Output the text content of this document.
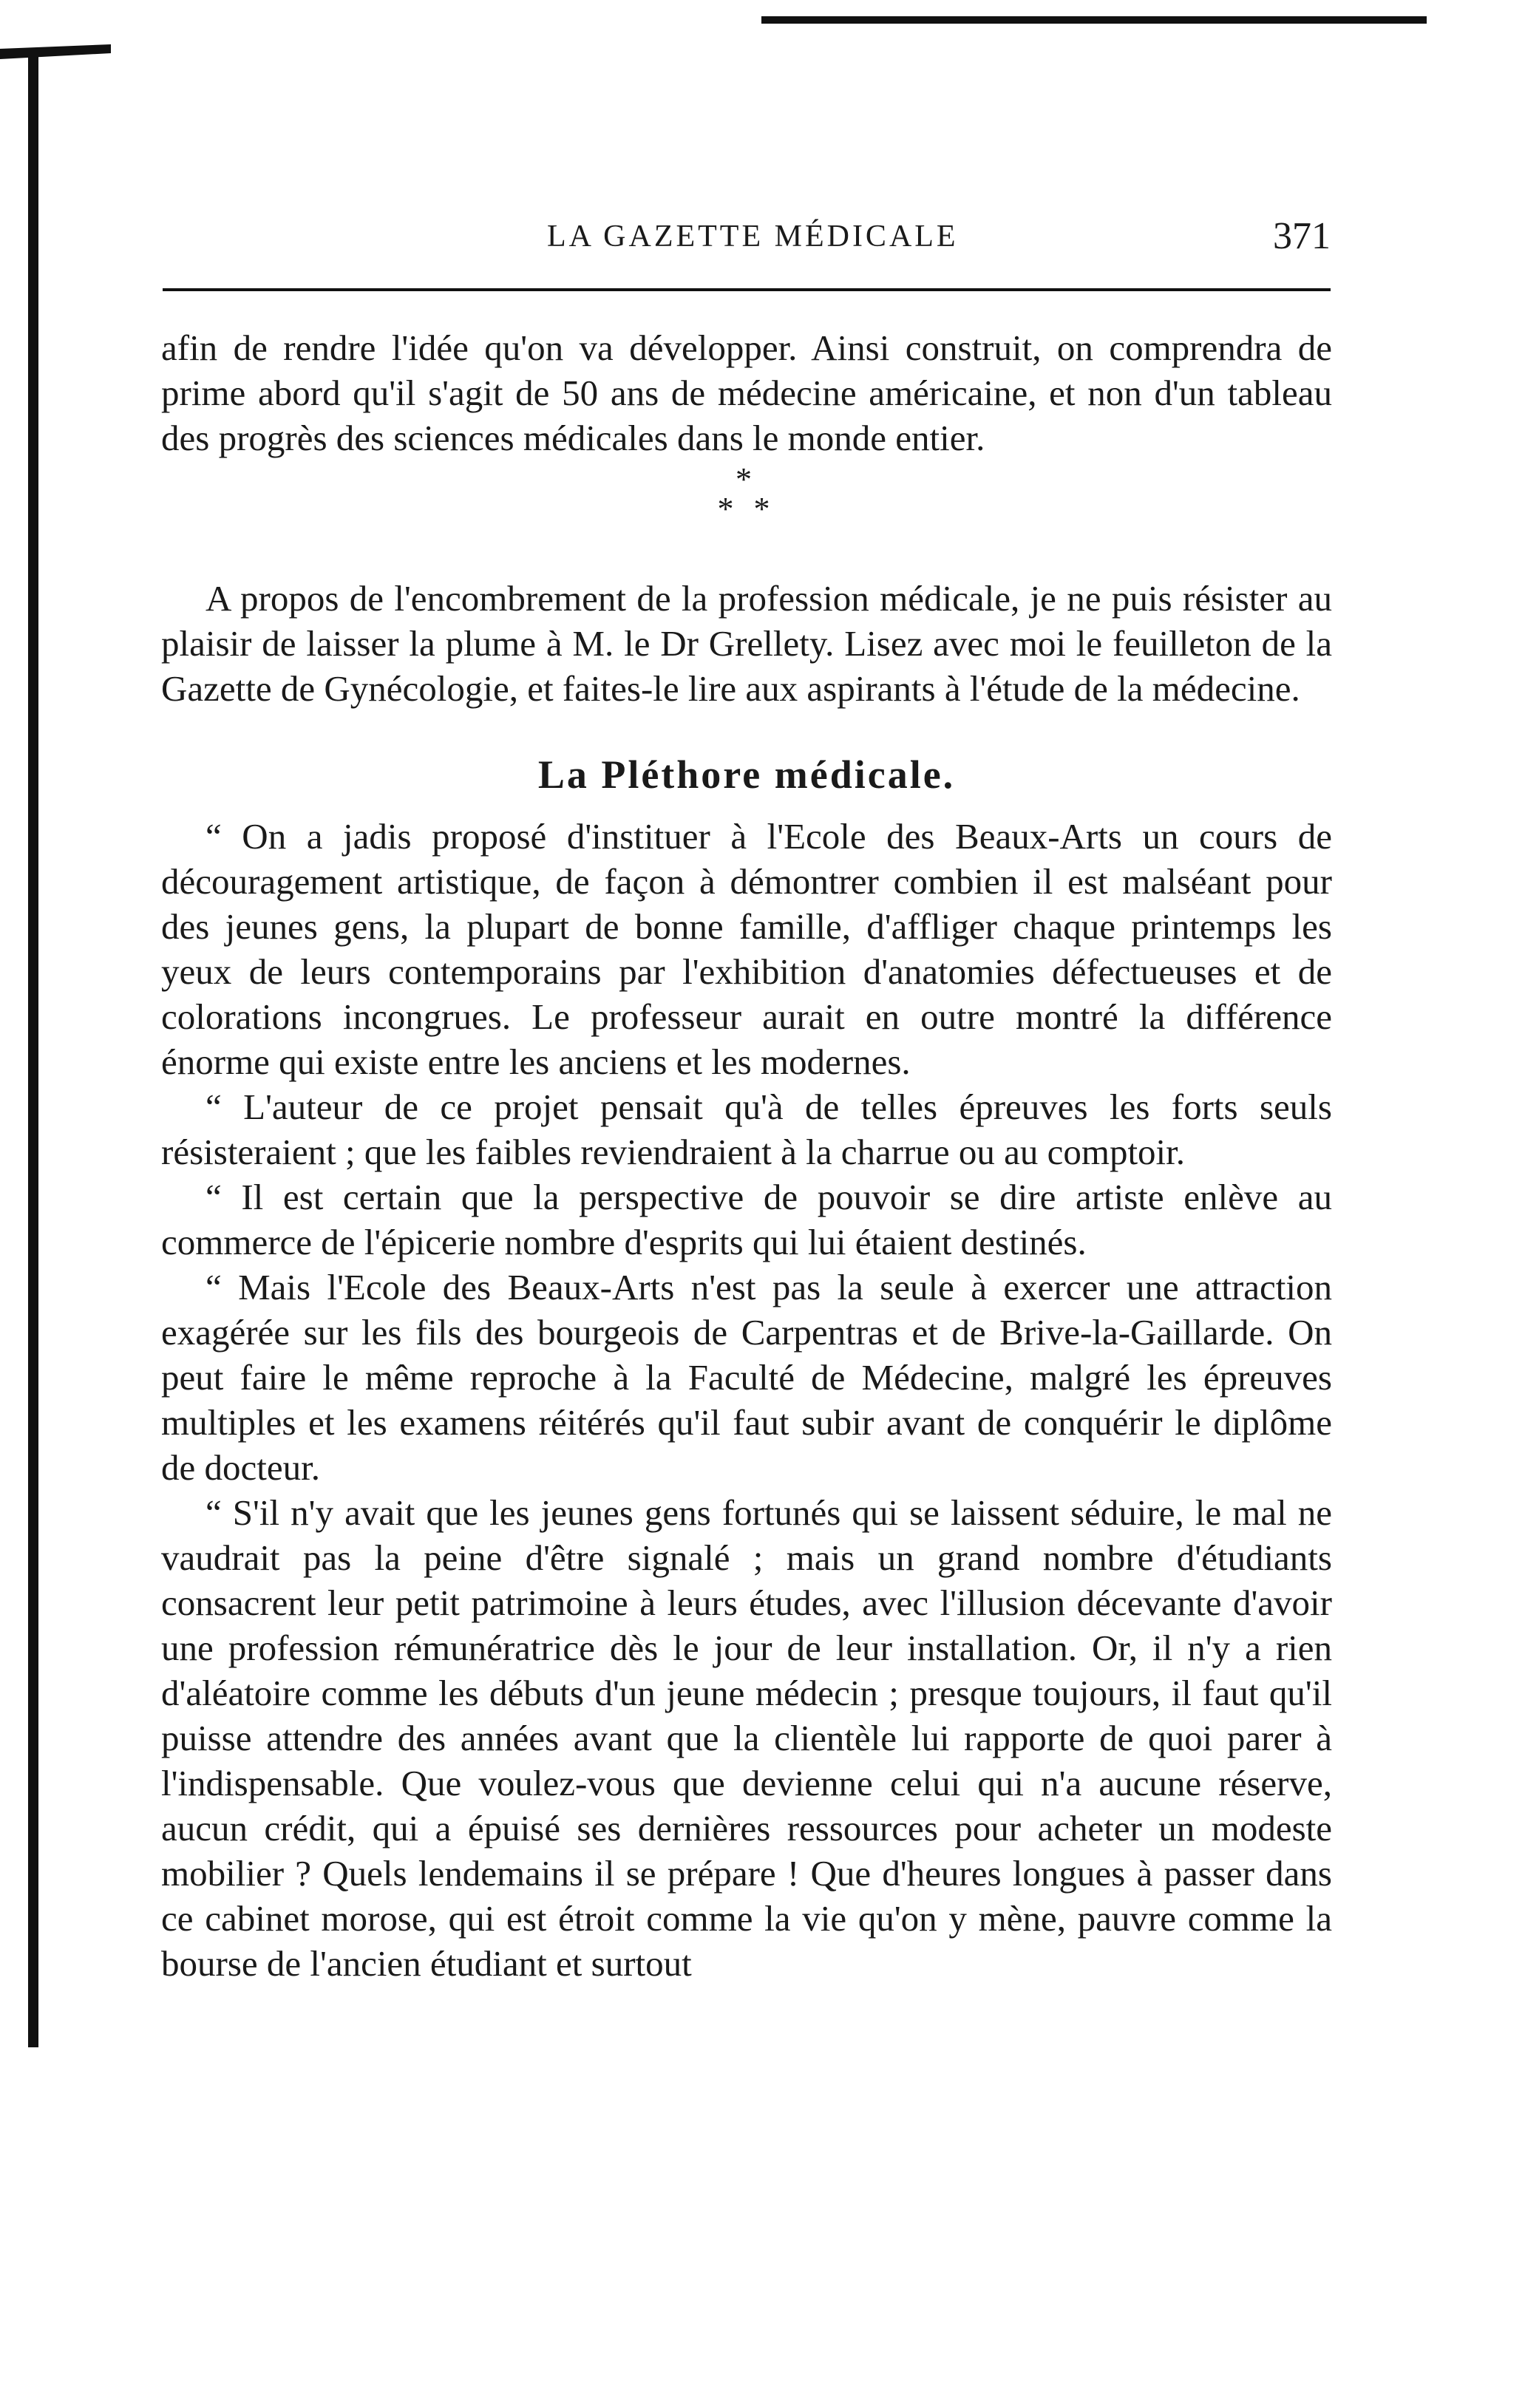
LA GAZETTE MÉDICALE	371

afin de rendre l'idée qu'on va développer. Ainsi construit, on comprendra de prime abord qu'il s'agit de 50 ans de médecine américaine, et non d'un tableau des progrès des sciences médicales dans le monde entier.

*
* *

A propos de l'encombrement de la profession médicale, je ne puis résister au plaisir de laisser la plume à M. le Dr Grellety. Lisez avec moi le feuilleton de la Gazette de Gynécologie, et faites-le lire aux aspirants à l'étude de la médecine.

La Pléthore médicale.

“ On a jadis proposé d'instituer à l'Ecole des Beaux-Arts un cours de découragement artistique, de façon à démontrer combien il est malséant pour des jeunes gens, la plupart de bonne famille, d'affliger chaque printemps les yeux de leurs contemporains par l'exhibition d'anatomies défectueuses et de colorations incongrues. Le professeur aurait en outre montré la différence énorme qui existe entre les anciens et les modernes.

“ L'auteur de ce projet pensait qu'à de telles épreuves les forts seuls résisteraient ; que les faibles reviendraient à la charrue ou au comptoir.

“ Il est certain que la perspective de pouvoir se dire artiste enlève au commerce de l'épicerie nombre d'esprits qui lui étaient destinés.

“ Mais l'Ecole des Beaux-Arts n'est pas la seule à exercer une attraction exagérée sur les fils des bourgeois de Carpentras et de Brive-la-Gaillarde. On peut faire le même reproche à la Faculté de Médecine, malgré les épreuves multiples et les examens réitérés qu'il faut subir avant de conquérir le diplôme de docteur.

“ S'il n'y avait que les jeunes gens fortunés qui se laissent séduire, le mal ne vaudrait pas la peine d'être signalé ; mais un grand nombre d'étudiants consacrent leur petit patrimoine à leurs études, avec l'illusion décevante d'avoir une profession rémunératrice dès le jour de leur installation. Or, il n'y a rien d'aléatoire comme les débuts d'un jeune médecin ; presque toujours, il faut qu'il puisse attendre des années avant que la clientèle lui rapporte de quoi parer à l'indispensable. Que voulez-vous que devienne celui qui n'a aucune réserve, aucun crédit, qui a épuisé ses dernières ressources pour acheter un modeste mobilier ? Quels lendemains il se prépare ! Que d'heures longues à passer dans ce cabinet morose, qui est étroit comme la vie qu'on y mène, pauvre comme la bourse de l'ancien étudiant et surtout
